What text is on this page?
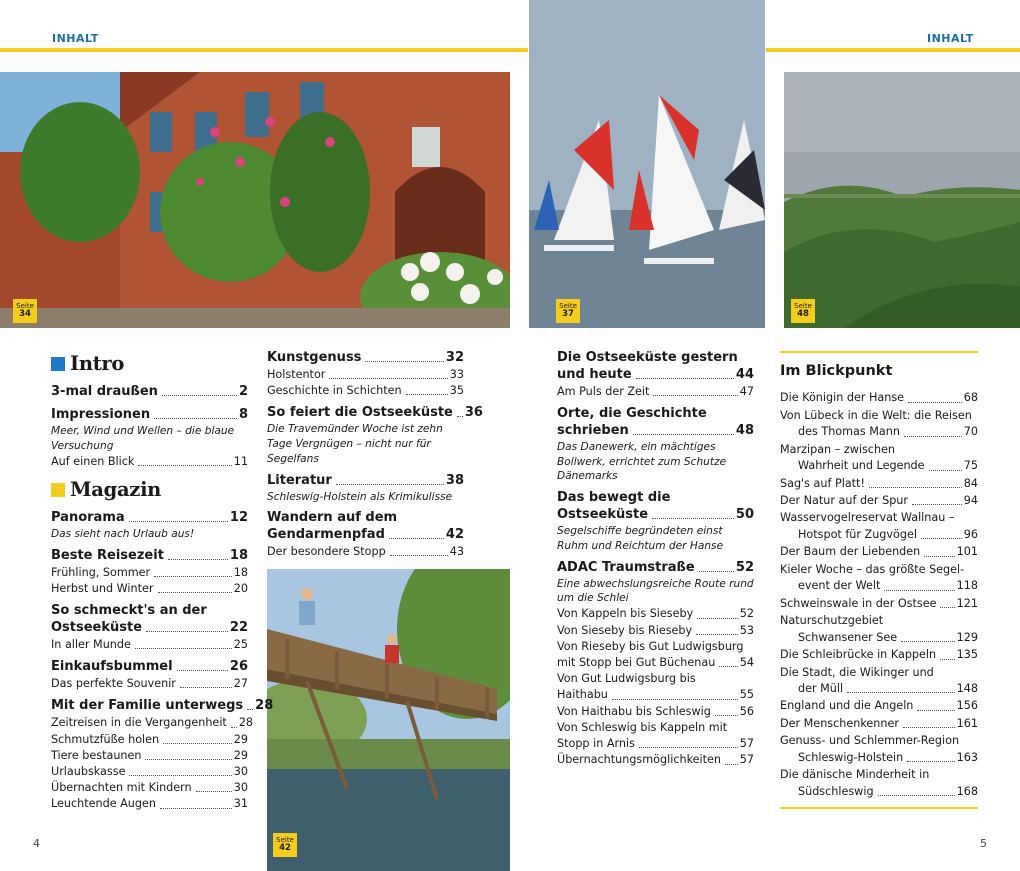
INHALT	INHALT
Seite
34
Seite
37
Seite
48
Seite
42
Intro
3-mal draußen	2
Impressionen	8
Meer, Wind und Wellen – die blaue Versuchung
Auf einen Blick	11
Magazin
Panorama	12
Das sieht nach Urlaub aus!
Beste Reisezeit	18
Frühling, Sommer	18
Herbst und Winter	20
So schmeckt's an der
Ostseeküste	22
In aller Munde	25
Einkaufsbummel	26
Das perfekte Souvenir	27
Mit der Familie unterwegs 28
Zeitreisen in die Vergangenheit 28
Schmutzfüße holen	29
Tiere bestaunen	29
Urlaubskasse	30
Übernachten mit Kindern	30
Leuchtende Augen	31
Kunstgenuss	32
Holstentor	33
Geschichte in Schichten	35
So feiert die Ostseeküste 36
Die Travemünder Woche ist zehn Tage Vergnügen – nicht nur für Segelfans
Literatur	38
Schleswig-Holstein als Krimikulisse
Wandern auf dem
Gendarmenpfad	42
Der besondere Stopp	43
Die Ostseeküste gestern
und heute	44
Am Puls der Zeit	47
Orte, die Geschichte
schrieben	48
Das Danewerk, ein mächtiges Bollwerk, errichtet zum Schutze Dänemarks
Das bewegt die
Ostseeküste	50
Segelschiffe begründeten einst Ruhm und Reichtum der Hanse
ADAC Traumstraße	52
Eine abwechslungsreiche Route rund um die Schlei
Von Kappeln bis Sieseby	52
Von Sieseby bis Rieseby	53
Von Rieseby bis Gut Ludwigsburg
mit Stopp bei Gut Büchenau 54
Von Gut Ludwigsburg bis
Haithabu	55
Von Haithabu bis Schleswig	56
Von Schleswig bis Kappeln mit
Stopp in Arnis	57
Übernachtungsmöglichkeiten 57
Im Blickpunkt
Die Königin der Hanse	68
Von Lübeck in die Welt: die Reisen
des Thomas Mann	70
Marzipan – zwischen
Wahrheit und Legende	75
Sag's auf Platt!	84
Der Natur auf der Spur	94
Wasservogelreservat Wallnau –
Hotspot für Zugvögel	96
Der Baum der Liebenden	101
Kieler Woche – das größte Segel-
event der Welt	118
Schweinswale in der Ostsee 121
Naturschutzgebiet
Schwansener See	129
Die Schleibrücke in Kappeln 135
Die Stadt, die Wikinger und
der Müll	148
England und die Angeln	156
Der Menschenkenner	161
Genuss- und Schlemmer-Region
Schleswig-Holstein	163
Die dänische Minderheit in
Südschleswig	168
4	5
